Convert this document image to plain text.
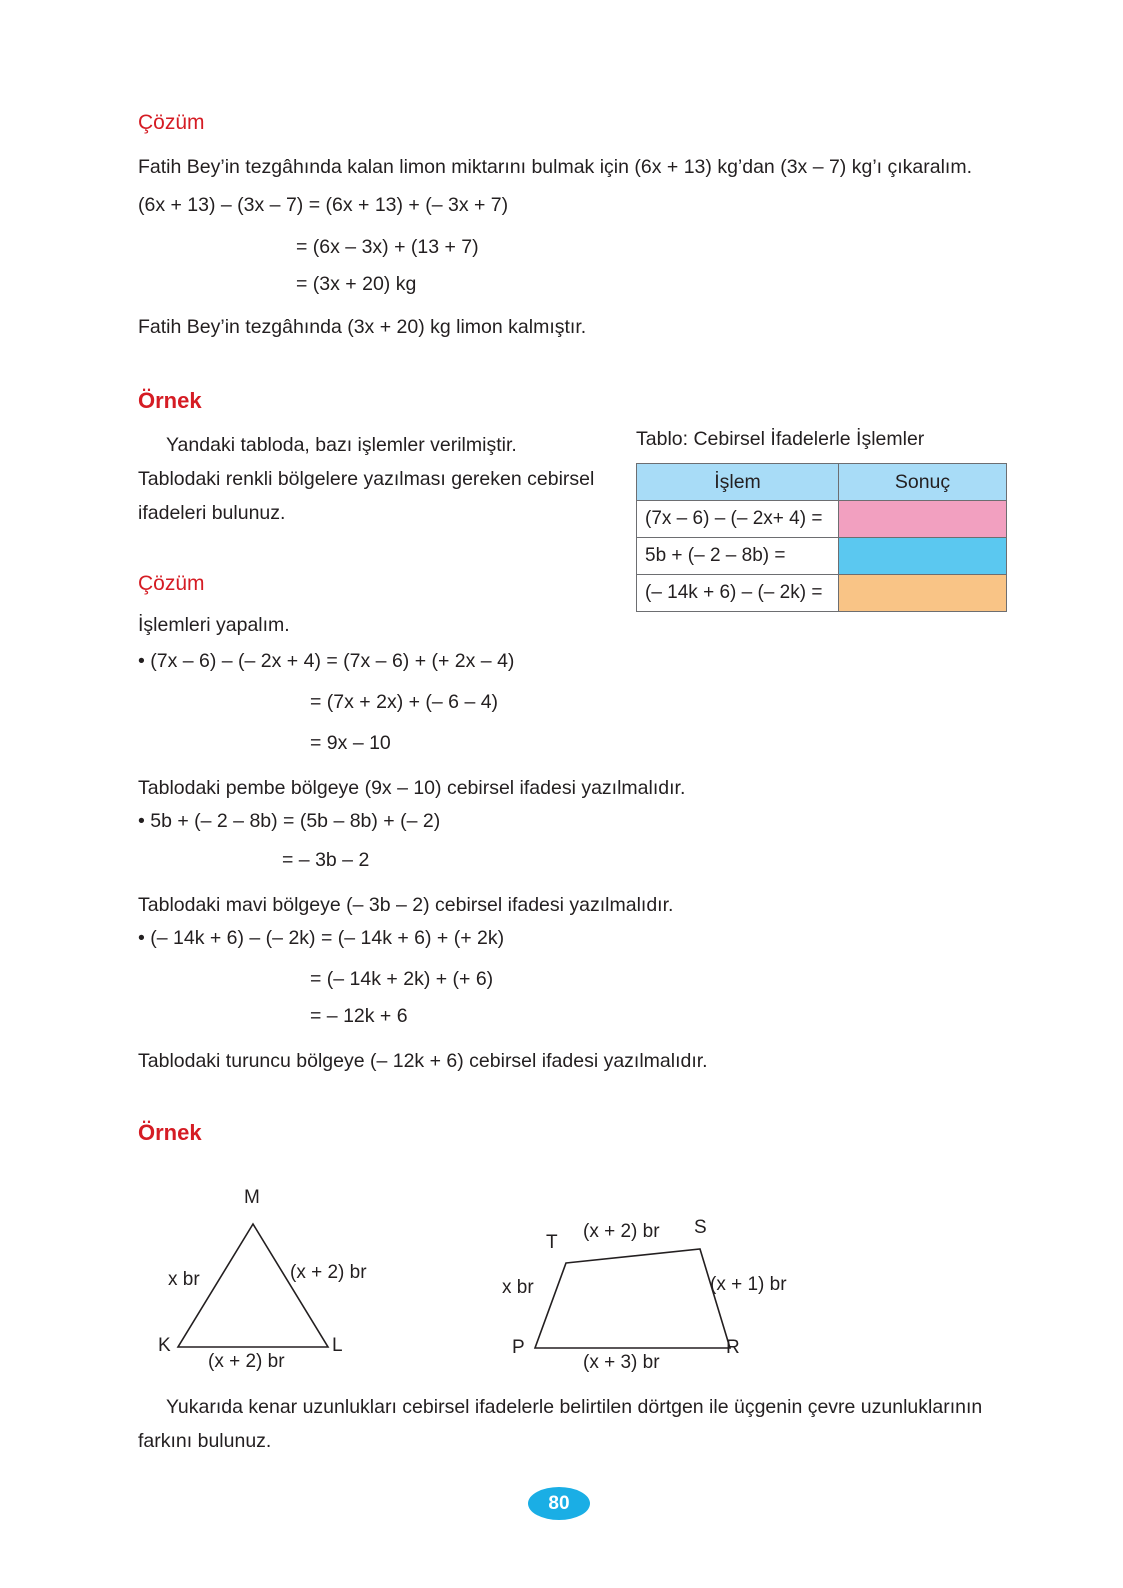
Çözüm
Fatih Bey’in tezgâhında kalan limon miktarını bulmak için (6x + 13) kg’dan (3x – 7) kg’ı çıkaralım.
(6x + 13) – (3x – 7) = (6x + 13) + (– 3x + 7)
= (6x – 3x) + (13 + 7)
= (3x + 20) kg
Fatih Bey’in tezgâhında (3x + 20) kg limon kalmıştır.
Örnek
Yandaki tabloda, bazı işlemler verilmiştir. Tablodaki renkli bölgelere yazılması gereken cebirsel ifadeleri bulunuz.
Çözüm
İşlemleri yapalım.
• (7x – 6) – (– 2x + 4) = (7x – 6) + (+ 2x – 4)
= (7x + 2x) + (– 6 – 4)
= 9x – 10
Tablodaki pembe bölgeye (9x – 10) cebirsel ifadesi yazılmalıdır.
• 5b + (– 2 – 8b) = (5b – 8b) + (– 2)
= – 3b – 2
Tablodaki mavi bölgeye (– 3b – 2) cebirsel ifadesi yazılmalıdır.
• (– 14k + 6) – (– 2k) = (– 14k + 6) + (+ 2k)
= (– 14k + 2k) + (+ 6)
= – 12k + 6
Tablodaki turuncu bölgeye (– 12k + 6) cebirsel ifadesi yazılmalıdır.
Tablo: Cebirsel İfadelerle İşlemler
İşlem	Sonuç
(7x – 6) – (– 2x+ 4) =	
5b + (– 2 – 8b) =	
(– 14k + 6) – (– 2k) =	
Örnek
M
K	L
x br	(x + 2) br
(x + 2) br
T
S
P	R
(x + 2) br
x br	(x + 1) br
(x + 3) br
Yukarıda kenar uzunlukları cebirsel ifadelerle belirtilen dörtgen ile üçgenin çevre uzunluklarının farkını bulunuz.
80
